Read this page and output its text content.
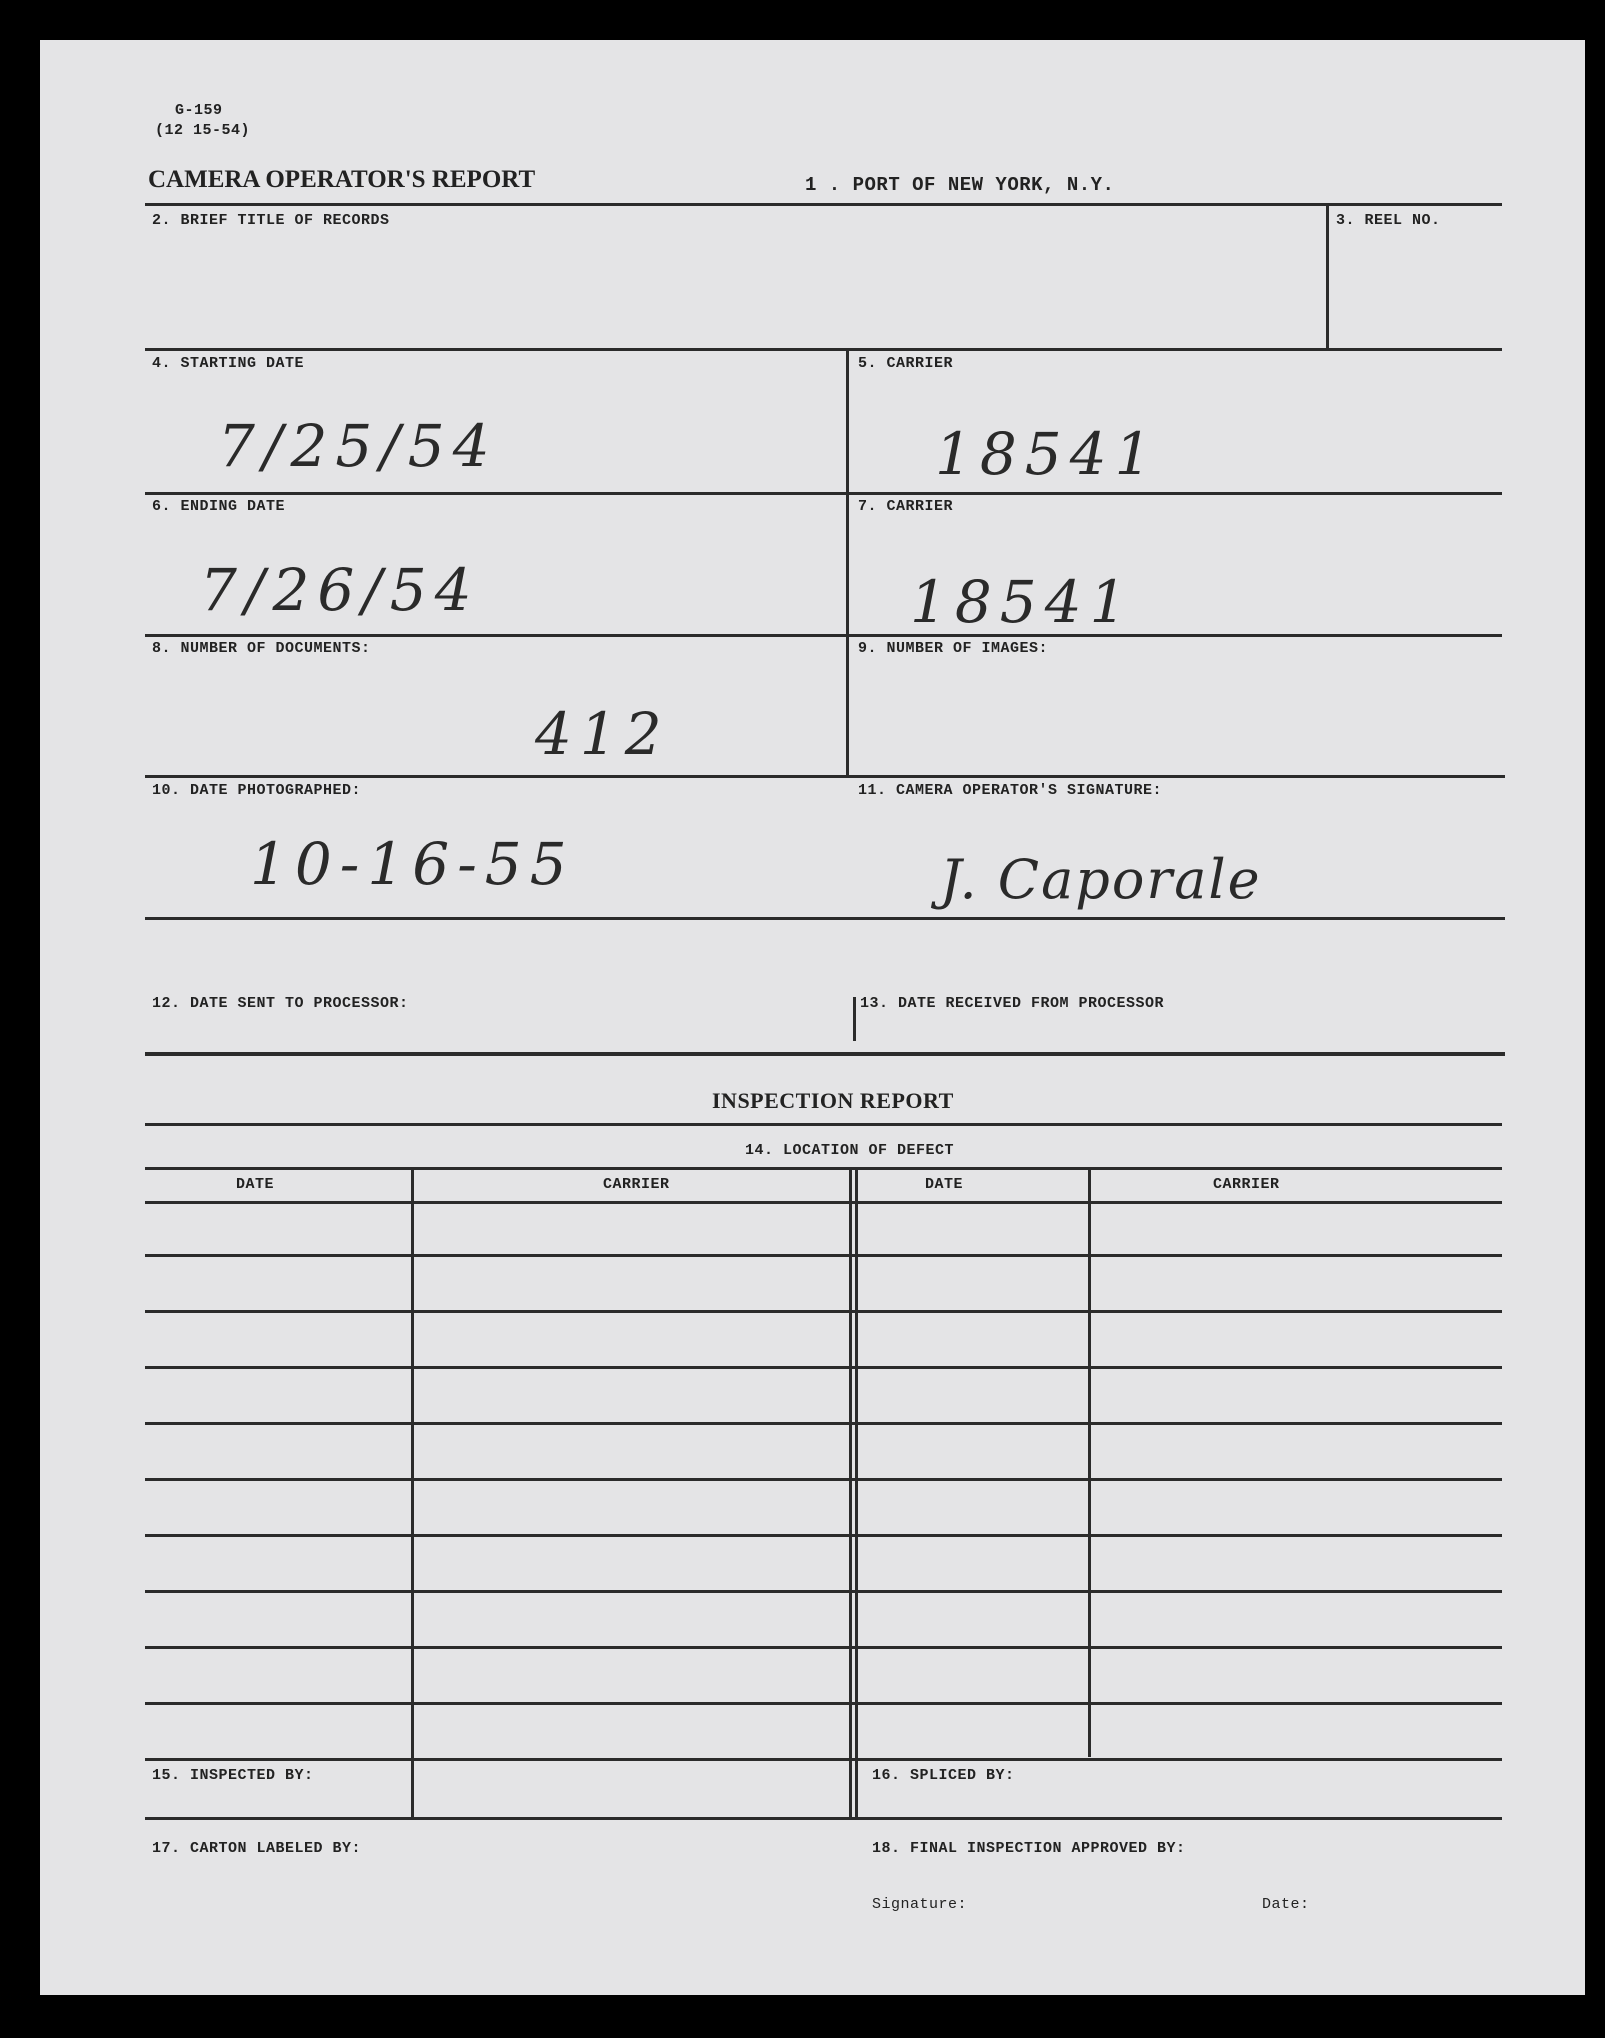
G-159
(12 15-54)
CAMERA OPERATOR'S REPORT	1 . PORT OF NEW YORK, N.Y.
2. BRIEF TITLE OF RECORDS	3. REEL NO.
4. STARTING DATE
7/25/54
5. CARRIER
18541
6. ENDING DATE
7/26/54
7. CARRIER
18541
8. NUMBER OF DOCUMENTS:
412
9. NUMBER OF IMAGES:
10. DATE PHOTOGRAPHED:
10-16-55
11. CAMERA OPERATOR'S SIGNATURE:
J. Caporale
12. DATE SENT TO PROCESSOR:	13. DATE RECEIVED FROM PROCESSOR
INSPECTION REPORT
14. LOCATION OF DEFECT
DATE	CARRIER	DATE	CARRIER
15. INSPECTED BY:	16. SPLICED BY:
17. CARTON LABELED BY:	18. FINAL INSPECTION APPROVED BY:
Signature:	Date:
